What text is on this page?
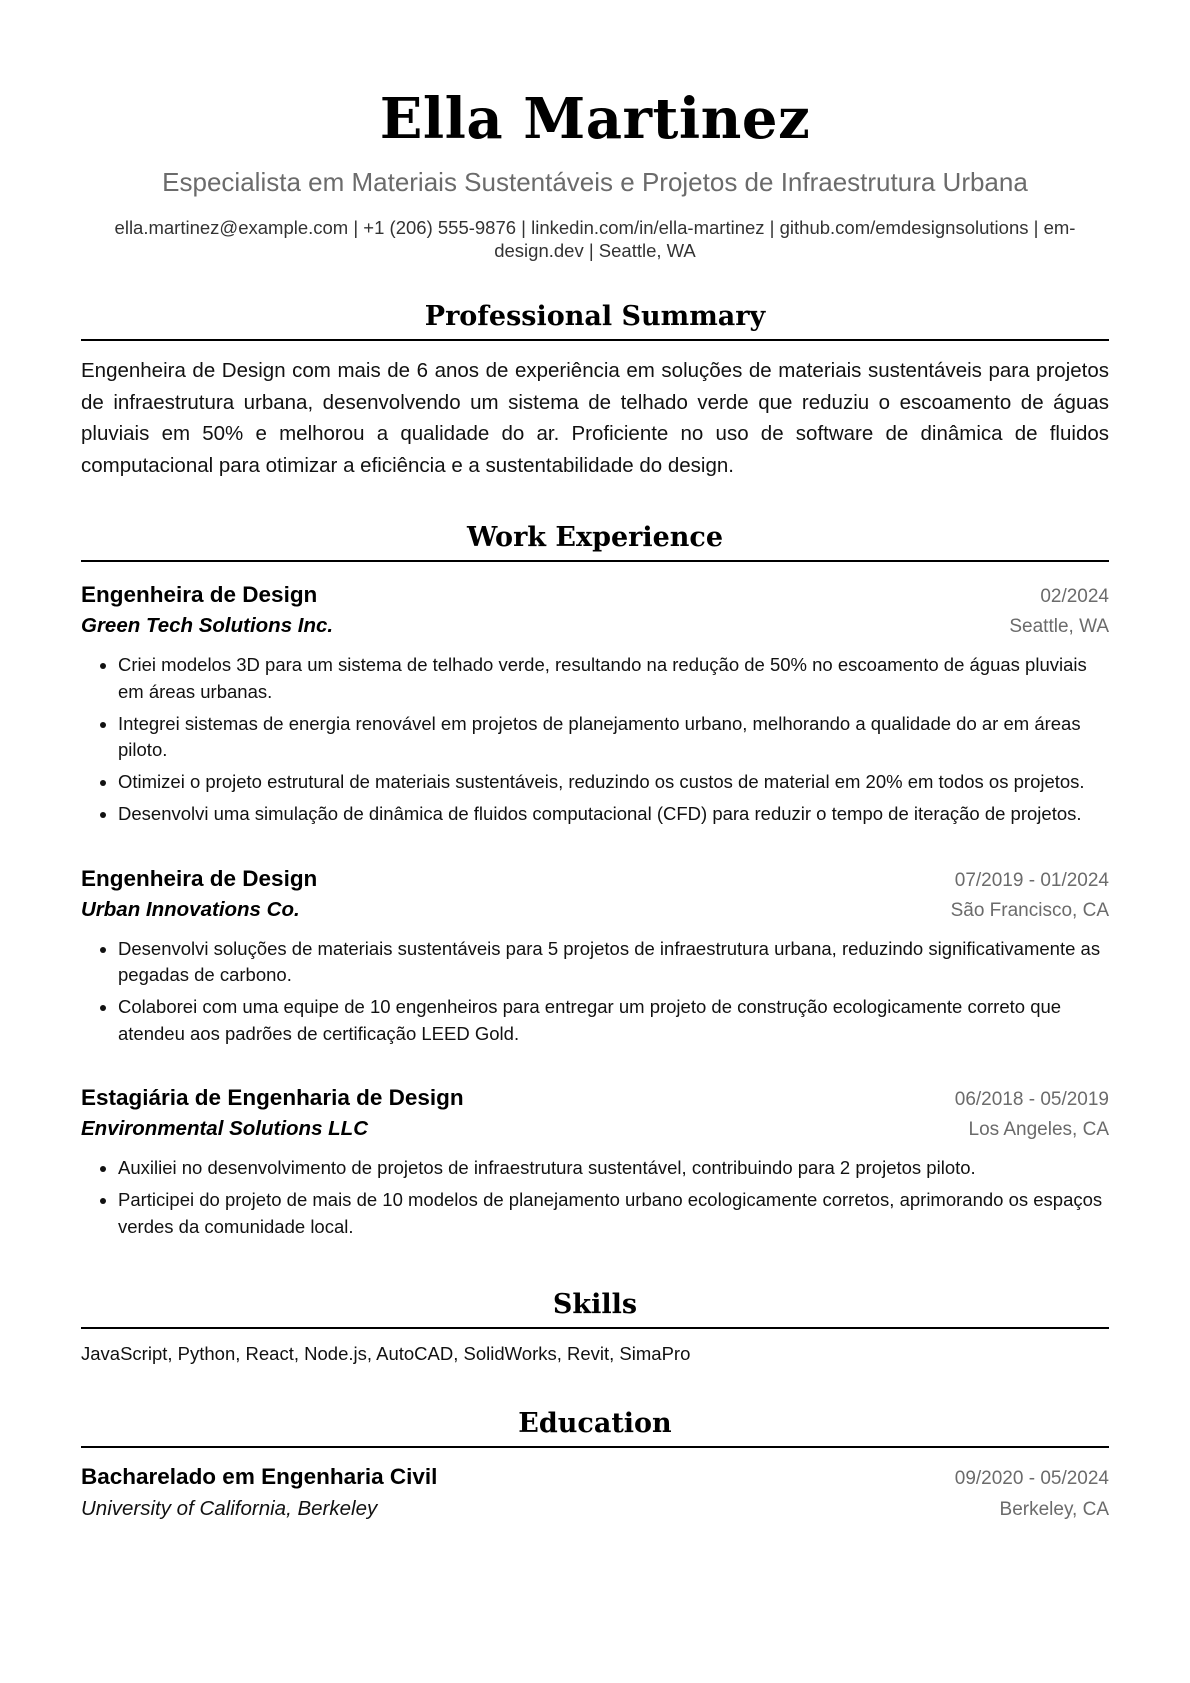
Ella Martinez
Especialista em Materiais Sustentáveis e Projetos de Infraestrutura Urbana
ella.martinez@example.com | +1 (206) 555-9876 | linkedin.com/in/ella-martinez | github.com/emdesignsolutions | em-design.dev | Seattle, WA
Professional Summary

Engenheira de Design com mais de 6 anos de experiência em soluções de materiais sustentáveis para projetos de infraestrutura urbana, desenvolvendo um sistema de telhado verde que reduziu o escoamento de águas pluviais em 50% e melhorou a qualidade do ar. Proficiente no uso de software de dinâmica de fluidos computacional para otimizar a eficiência e a sustentabilidade do design.

Work Experience
Engenheira de Design	02/2024
Green Tech Solutions Inc.	Seattle, WA
• Criei modelos 3D para um sistema de telhado verde, resultando na redução de 50% no escoamento de águas pluviais em áreas urbanas.
• Integrei sistemas de energia renovável em projetos de planejamento urbano, melhorando a qualidade do ar em áreas piloto.
• Otimizei o projeto estrutural de materiais sustentáveis, reduzindo os custos de material em 20% em todos os projetos.
• Desenvolvi uma simulação de dinâmica de fluidos computacional (CFD) para reduzir o tempo de iteração de projetos.
Engenheira de Design	07/2019 - 01/2024
Urban Innovations Co.	São Francisco, CA
• Desenvolvi soluções de materiais sustentáveis para 5 projetos de infraestrutura urbana, reduzindo significativamente as pegadas de carbono.
• Colaborei com uma equipe de 10 engenheiros para entregar um projeto de construção ecologicamente correto que atendeu aos padrões de certificação LEED Gold.
Estagiária de Engenharia de Design	06/2018 - 05/2019
Environmental Solutions LLC	Los Angeles, CA
• Auxiliei no desenvolvimento de projetos de infraestrutura sustentável, contribuindo para 2 projetos piloto.
• Participei do projeto de mais de 10 modelos de planejamento urbano ecologicamente corretos, aprimorando os espaços verdes da comunidade local.
Skills
JavaScript, Python, React, Node.js, AutoCAD, SolidWorks, Revit, SimaPro
Education
Bacharelado em Engenharia Civil	09/2020 - 05/2024
University of California, Berkeley	Berkeley, CA
